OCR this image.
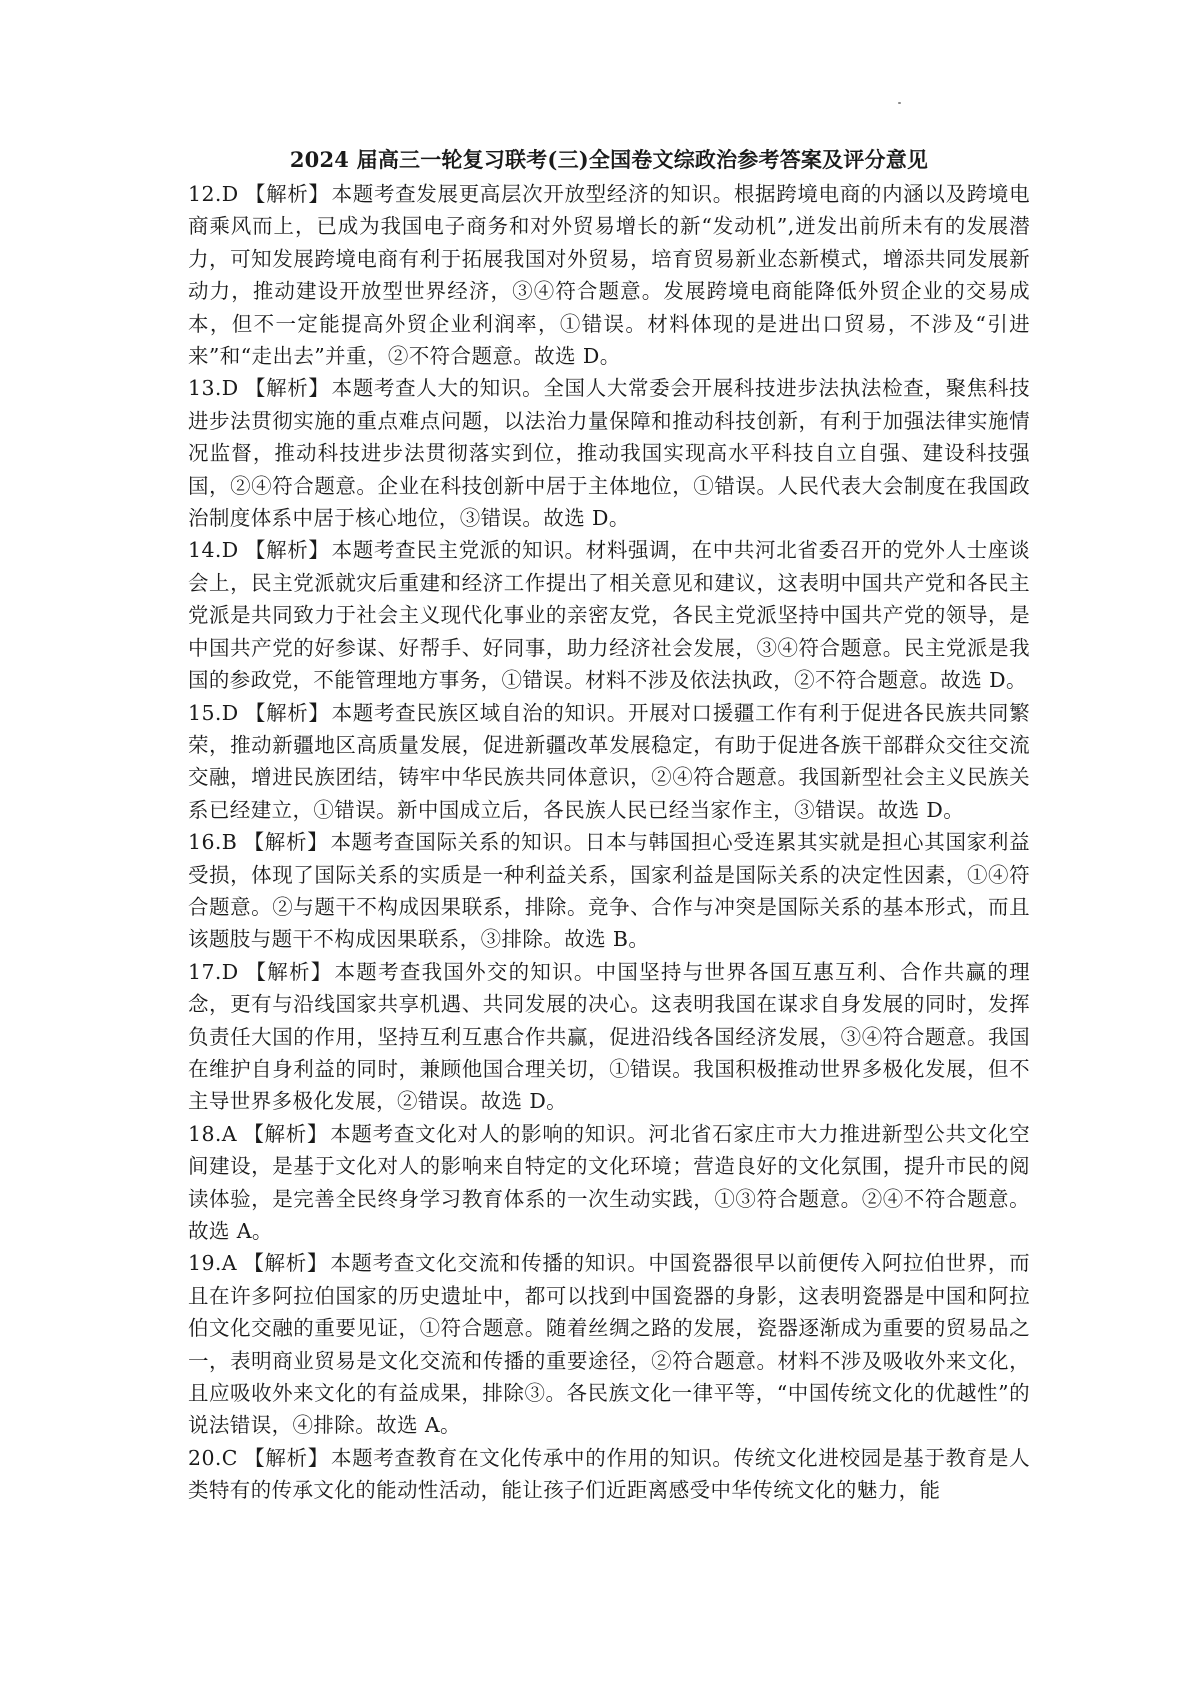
2024 届高三一轮复习联考(三)全国卷文综政治参考答案及评分意见

12.D 【解析】本题考查发展更高层次开放型经济的知识。根据跨境电商的内涵以及跨境电商乘风而上，已成为我国电子商务和对外贸易增长的新“发动机”,迸发出前所未有的发展潜力，可知发展跨境电商有利于拓展我国对外贸易，培育贸易新业态新模式，增添共同发展新动力，推动建设开放型世界经济，③④符合题意。发展跨境电商能降低外贸企业的交易成本，但不一定能提高外贸企业利润率，①错误。材料体现的是进出口贸易，不涉及“引进来”和“走出去”并重，②不符合题意。故选 D。

13.D 【解析】本题考查人大的知识。全国人大常委会开展科技进步法执法检查，聚焦科技进步法贯彻实施的重点难点问题，以法治力量保障和推动科技创新，有利于加强法律实施情况监督，推动科技进步法贯彻落实到位，推动我国实现高水平科技自立自强、建设科技强国，②④符合题意。企业在科技创新中居于主体地位，①错误。人民代表大会制度在我国政治制度体系中居于核心地位，③错误。故选 D。

14.D 【解析】本题考查民主党派的知识。材料强调，在中共河北省委召开的党外人士座谈会上，民主党派就灾后重建和经济工作提出了相关意见和建议，这表明中国共产党和各民主党派是共同致力于社会主义现代化事业的亲密友党，各民主党派坚持中国共产党的领导，是中国共产党的好参谋、好帮手、好同事，助力经济社会发展，③④符合题意。民主党派是我国的参政党，不能管理地方事务，①错误。材料不涉及依法执政，②不符合题意。故选 D。

15.D 【解析】本题考查民族区域自治的知识。开展对口援疆工作有利于促进各民族共同繁荣，推动新疆地区高质量发展，促进新疆改革发展稳定，有助于促进各族干部群众交往交流交融，增进民族团结，铸牢中华民族共同体意识，②④符合题意。我国新型社会主义民族关系已经建立，①错误。新中国成立后，各民族人民已经当家作主，③错误。故选 D。

16.B 【解析】本题考查国际关系的知识。日本与韩国担心受连累其实就是担心其国家利益受损，体现了国际关系的实质是一种利益关系，国家利益是国际关系的决定性因素，①④符合题意。②与题干不构成因果联系，排除。竞争、合作与冲突是国际关系的基本形式，而且该题肢与题干不构成因果联系，③排除。故选 B。

17.D 【解析】本题考查我国外交的知识。中国坚持与世界各国互惠互利、合作共赢的理念，更有与沿线国家共享机遇、共同发展的决心。这表明我国在谋求自身发展的同时，发挥负责任大国的作用，坚持互利互惠合作共赢，促进沿线各国经济发展，③④符合题意。我国在维护自身利益的同时，兼顾他国合理关切，①错误。我国积极推动世界多极化发展，但不主导世界多极化发展，②错误。故选 D。

18.A 【解析】本题考查文化对人的影响的知识。河北省石家庄市大力推进新型公共文化空间建设，是基于文化对人的影响来自特定的文化环境；营造良好的文化氛围，提升市民的阅读体验，是完善全民终身学习教育体系的一次生动实践，①③符合题意。②④不符合题意。故选 A。

19.A 【解析】本题考查文化交流和传播的知识。中国瓷器很早以前便传入阿拉伯世界，而且在许多阿拉伯国家的历史遗址中，都可以找到中国瓷器的身影，这表明瓷器是中国和阿拉伯文化交融的重要见证，①符合题意。随着丝绸之路的发展，瓷器逐渐成为重要的贸易品之一，表明商业贸易是文化交流和传播的重要途径，②符合题意。材料不涉及吸收外来文化，且应吸收外来文化的有益成果，排除③。各民族文化一律平等，“中国传统文化的优越性”的说法错误，④排除。故选 A。

20.C 【解析】本题考查教育在文化传承中的作用的知识。传统文化进校园是基于教育是人类特有的传承文化的能动性活动，能让孩子们近距离感受中华传统文化的魅力，能
